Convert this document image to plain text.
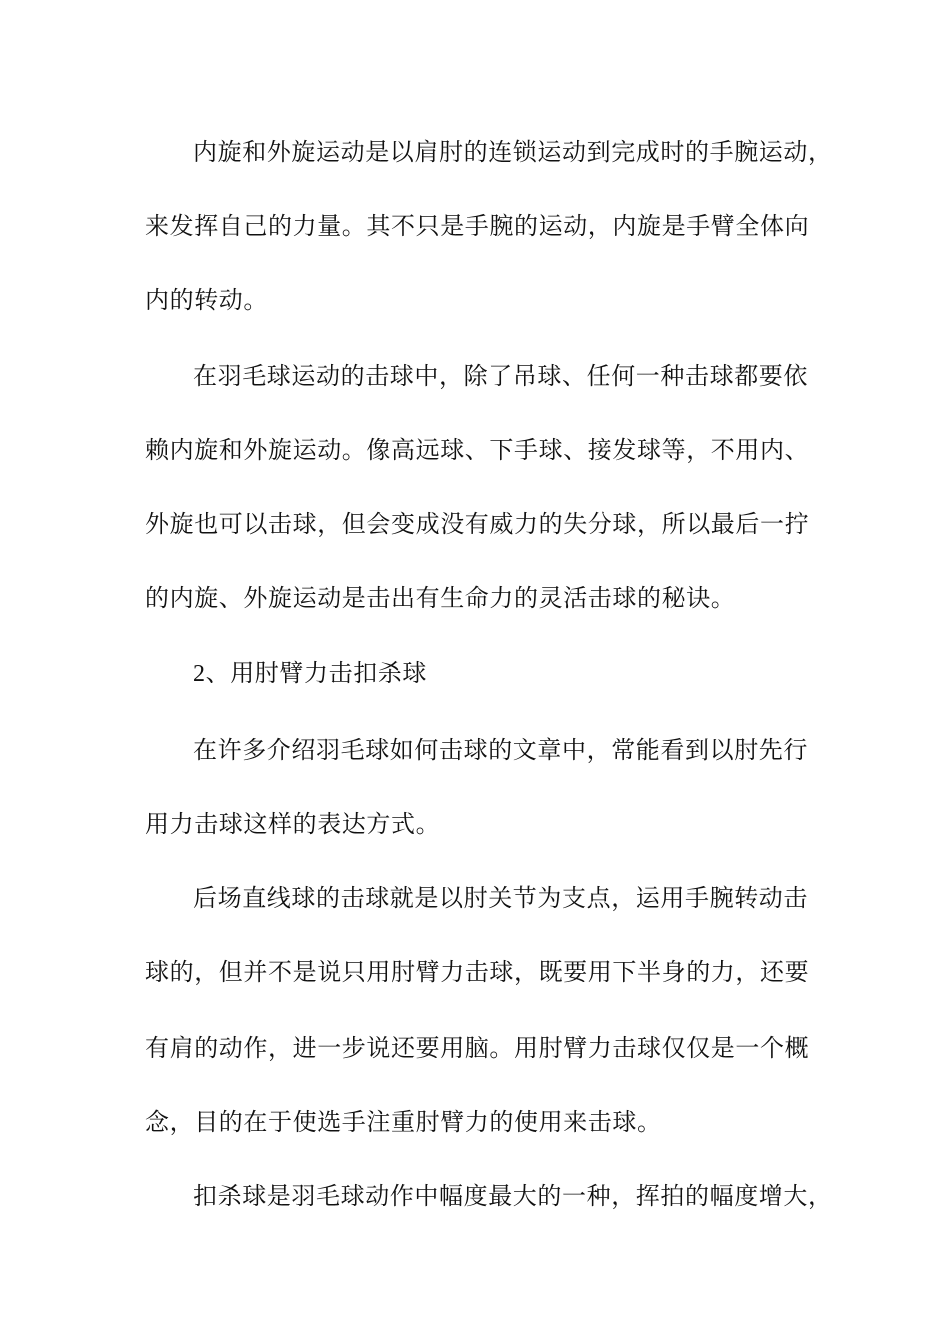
内旋和外旋运动是以肩肘的连锁运动到完成时的手腕运动，
来发挥自己的力量。其不只是手腕的运动，内旋是手臂全体向
内的转动。
在羽毛球运动的击球中，除了吊球、任何一种击球都要依
赖内旋和外旋运动。像高远球、下手球、接发球等，不用内、
外旋也可以击球，但会变成没有威力的失分球，所以最后一拧
的内旋、外旋运动是击出有生命力的灵活击球的秘诀。
2、用肘臂力击扣杀球
在许多介绍羽毛球如何击球的文章中，常能看到以肘先行
用力击球这样的表达方式。
后场直线球的击球就是以肘关节为支点，运用手腕转动击
球的，但并不是说只用肘臂力击球，既要用下半身的力，还要
有肩的动作，进一步说还要用脑。用肘臂力击球仅仅是一个概
念，目的在于使选手注重肘臂力的使用来击球。
扣杀球是羽毛球动作中幅度最大的一种，挥拍的幅度增大，
